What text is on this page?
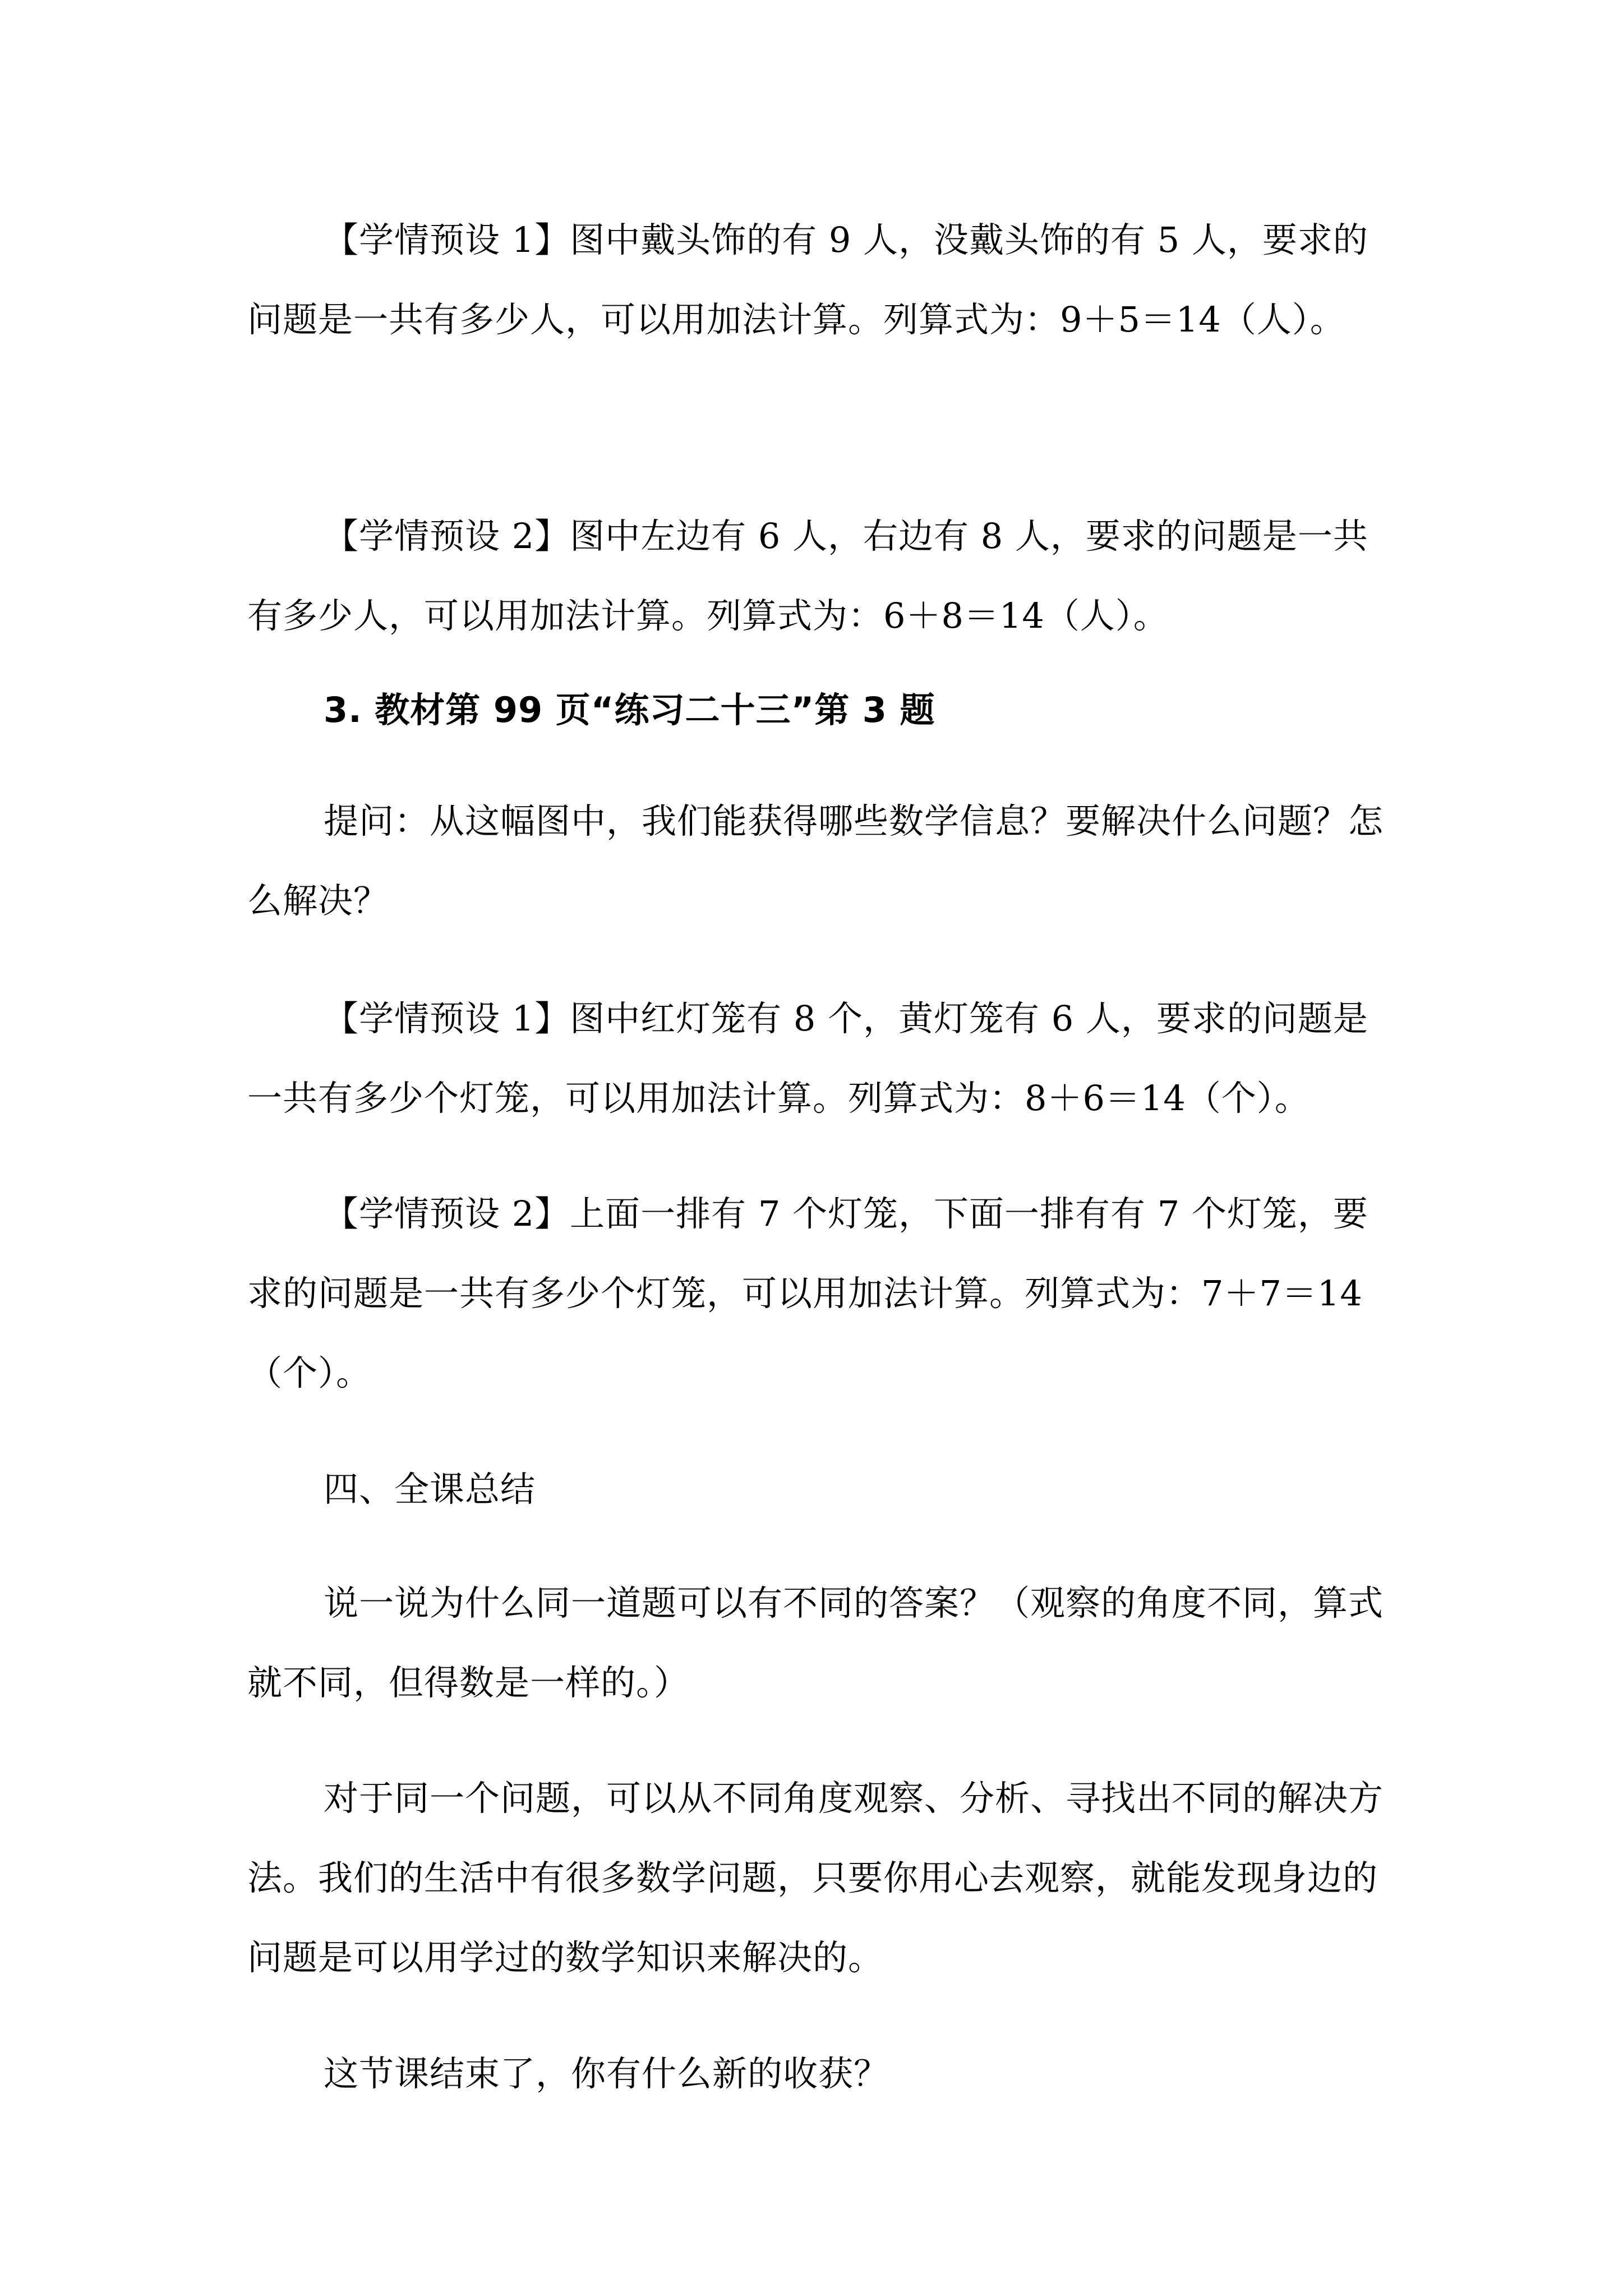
【学情预设 1】图中戴头饰的有 9 人，没戴头饰的有 5 人，要求的问题是一共有多少人，可以用加法计算。列算式为：9＋5＝14（人）。

【学情预设 2】图中左边有 6 人，右边有 8 人，要求的问题是一共有多少人，可以用加法计算。列算式为：6＋8＝14（人）。

3. 教材第 99 页“练习二十三”第 3 题

提问：从这幅图中，我们能获得哪些数学信息？要解决什么问题？怎么解决？

【学情预设 1】图中红灯笼有 8 个，黄灯笼有 6 人，要求的问题是一共有多少个灯笼，可以用加法计算。列算式为：8＋6＝14（个）。

【学情预设 2】上面一排有 7 个灯笼，下面一排有有 7 个灯笼，要求的问题是一共有多少个灯笼，可以用加法计算。列算式为：7＋7＝14（个）。

四、全课总结

说一说为什么同一道题可以有不同的答案？（观察的角度不同，算式就不同，但得数是一样的。）

对于同一个问题，可以从不同角度观察、分析、寻找出不同的解决方法。我们的生活中有很多数学问题，只要你用心去观察，就能发现身边的问题是可以用学过的数学知识来解决的。

这节课结束了，你有什么新的收获？
